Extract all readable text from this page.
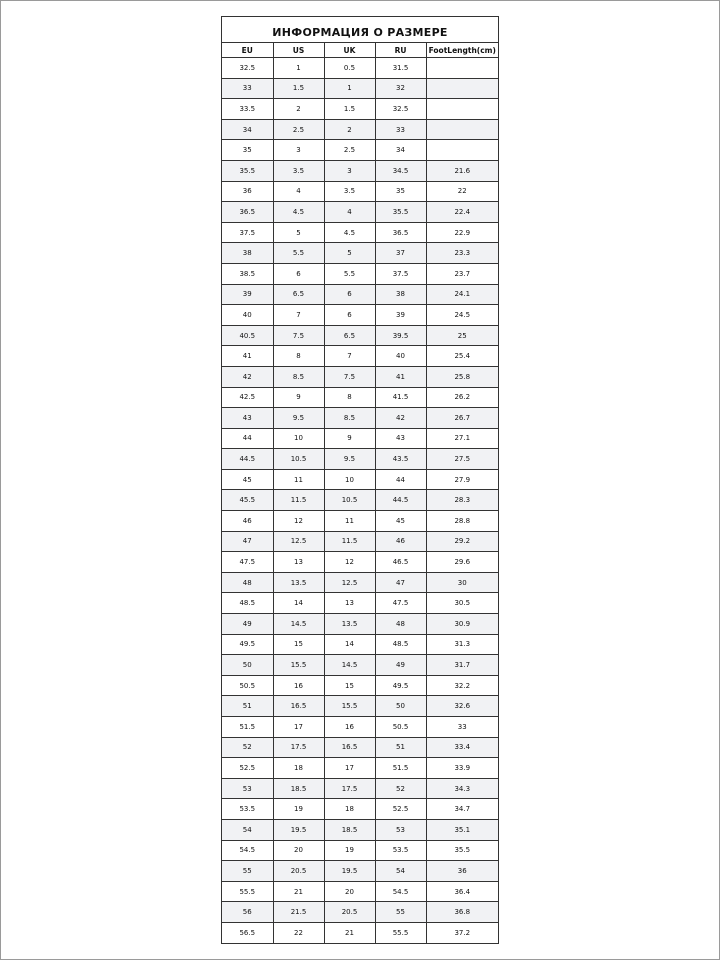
ИНФОРМАЦИЯ О РАЗМЕРЕ
EU	US	UK	RU	FootLength(cm)
32.5	1	0.5	31.5	
33	1.5	1	32	
33.5	2	1.5	32.5	
34	2.5	2	33	
35	3	2.5	34	
35.5	3.5	3	34.5	21.6
36	4	3.5	35	22
36.5	4.5	4	35.5	22.4
37.5	5	4.5	36.5	22.9
38	5.5	5	37	23.3
38.5	6	5.5	37.5	23.7
39	6.5	6	38	24.1
40	7	6	39	24.5
40.5	7.5	6.5	39.5	25
41	8	7	40	25.4
42	8.5	7.5	41	25.8
42.5	9	8	41.5	26.2
43	9.5	8.5	42	26.7
44	10	9	43	27.1
44.5	10.5	9.5	43.5	27.5
45	11	10	44	27.9
45.5	11.5	10.5	44.5	28.3
46	12	11	45	28.8
47	12.5	11.5	46	29.2
47.5	13	12	46.5	29.6
48	13.5	12.5	47	30
48.5	14	13	47.5	30.5
49	14.5	13.5	48	30.9
49.5	15	14	48.5	31.3
50	15.5	14.5	49	31.7
50.5	16	15	49.5	32.2
51	16.5	15.5	50	32.6
51.5	17	16	50.5	33
52	17.5	16.5	51	33.4
52.5	18	17	51.5	33.9
53	18.5	17.5	52	34.3
53.5	19	18	52.5	34.7
54	19.5	18.5	53	35.1
54.5	20	19	53.5	35.5
55	20.5	19.5	54	36
55.5	21	20	54.5	36.4
56	21.5	20.5	55	36.8
56.5	22	21	55.5	37.2
